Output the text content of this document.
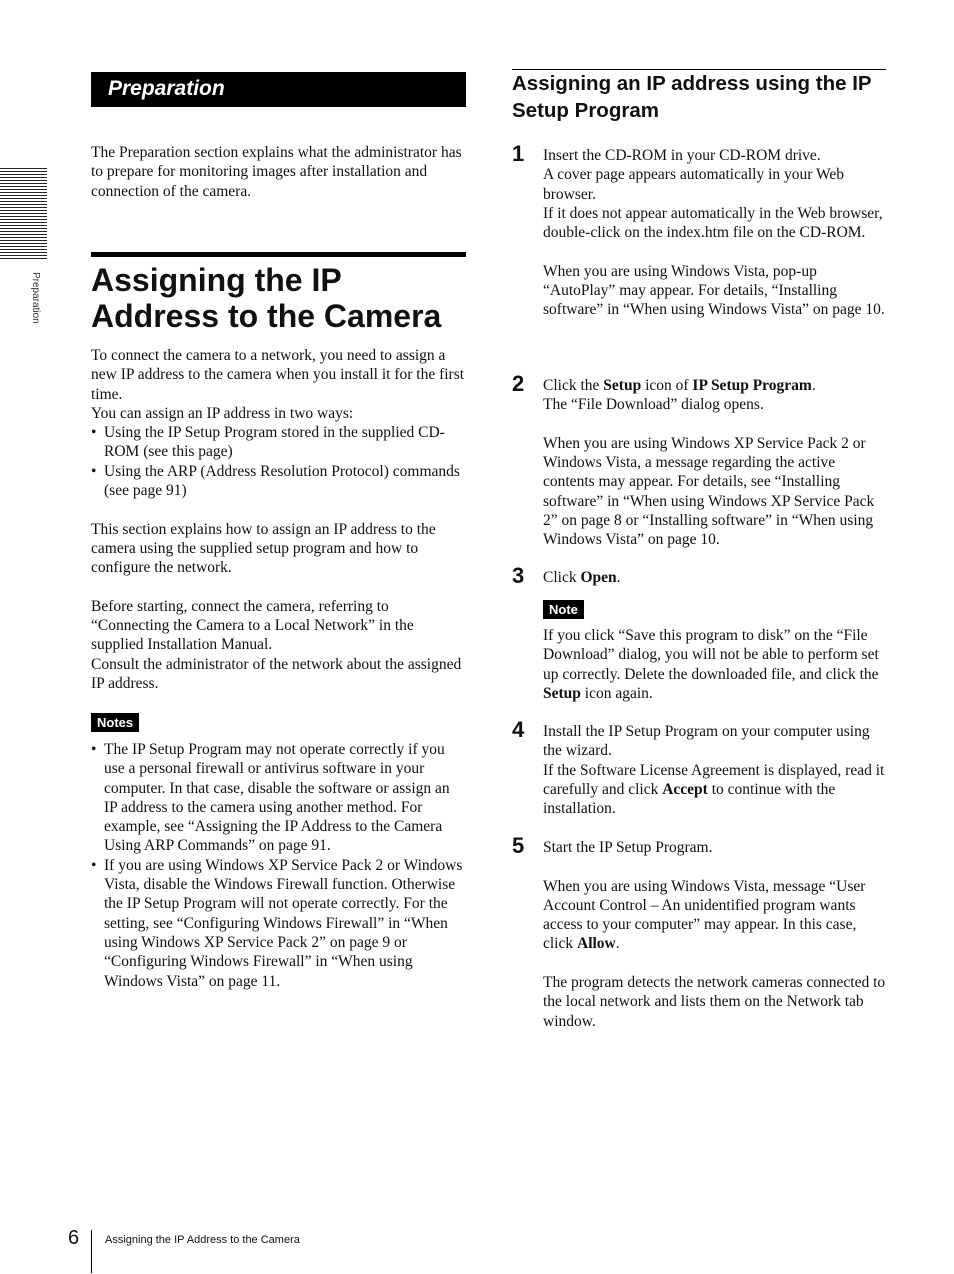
Preparation
Preparation

The Preparation section explains what the administrator has to prepare for monitoring images after installation and connection of the camera.

Assigning the IP Address to the Camera

To connect the camera to a network, you need to assign a new IP address to the camera when you install it for the first time.

You can assign an IP address in two ways:

• Using the IP Setup Program stored in the supplied CD-ROM (see this page)
• Using the ARP (Address Resolution Protocol) commands (see page 91)

This section explains how to assign an IP address to the camera using the supplied setup program and how to configure the network.

Before starting, connect the camera, referring to “Connecting the Camera to a Local Network” in the supplied Installation Manual.

Consult the administrator of the network about the assigned IP address.

Notes
• The IP Setup Program may not operate correctly if you use a personal firewall or antivirus software in your computer. In that case, disable the software or assign an IP address to the camera using another method. For example, see “Assigning the IP Address to the Camera Using ARP Commands” on page 91.
• If you are using Windows XP Service Pack 2 or Windows Vista, disable the Windows Firewall function. Otherwise the IP Setup Program will not operate correctly. For the setting, see “Configuring Windows Firewall” in “When using Windows XP Service Pack 2” on page 9 or “Configuring Windows Firewall” in “When using Windows Vista” on page 11.
Assigning an IP address using the IP Setup Program
1 Insert the CD-ROM in your CD-ROM drive.

A cover page appears automatically in your Web browser.

If it does not appear automatically in the Web browser, double-click on the index.htm file on the CD-ROM.

When you are using Windows Vista, pop-up “AutoPlay” may appear. For details, “Installing software” in “When using Windows Vista” on page 10.

2 Click the Setup icon of IP Setup Program.

The “File Download” dialog opens.

When you are using Windows XP Service Pack 2 or Windows Vista, a message regarding the active contents may appear. For details, see “Installing software” in “When using Windows XP Service Pack 2” on page 8 or “Installing software” in “When using Windows Vista” on page 10.

3 Click Open.

If you click “Save this program to disk” on the “File Download” dialog, you will not be able to perform set up correctly. Delete the downloaded file, and click the Setup icon again.

4 Install the IP Setup Program on your computer using the wizard.

If the Software License Agreement is displayed, read it carefully and click Accept to continue with the installation.

5 Start the IP Setup Program.

When you are using Windows Vista, message “User Account Control – An unidentified program wants access to your computer” may appear. In this case, click Allow.

The program detects the network cameras connected to the local network and lists them on the Network tab window.

Note
6 Assigning the IP Address to the Camera
